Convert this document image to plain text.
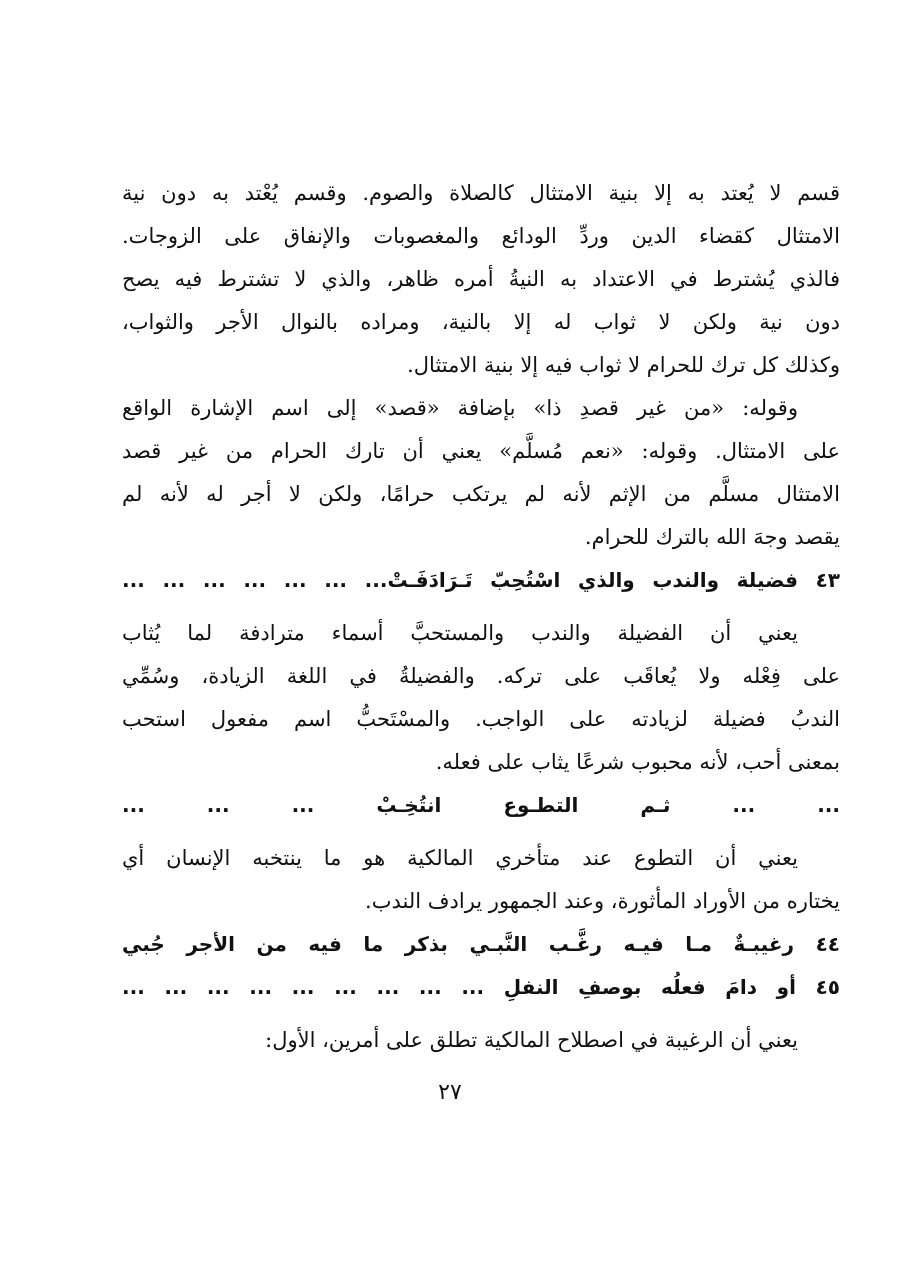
قسم لا يُعتد به إلا بنية الامتثال كالصلاة والصوم. وقسم يُعْتد به دون نية
الامتثال كقضاء الدين وردِّ الودائع والمغصوبات والإنفاق على الزوجات.
فالذي يُشترط في الاعتداد به النيةُ أمره ظاهر، والذي لا تشترط فيه يصح
دون نية ولكن لا ثواب له إلا بالنية، ومراده بالنوال الأجر والثواب،
وكذلك كل ترك للحرام لا ثواب فيه إلا بنية الامتثال.
وقوله: «من غير قصدِ ذا» بإضافة «قصد» إلى اسم الإشارة الواقع
على الامتثال. وقوله: «نعم مُسلَّم» يعني أن تارك الحرام من غير قصد
الامتثال مسلَّم من الإثم لأنه لم يرتكب حرامًا، ولكن لا أجر له لأنه لم
يقصد وجهَ الله بالترك للحرام.
٤٣ فضيلة والندب والذي اسْتُحِبّ تَـرَادَفَـتْ... ... ... ... ... ... ...
يعني أن الفضيلة والندب والمستحبَّ أسماء مترادفة لما يُثاب
على فِعْله ولا يُعاقَب على تركه. والفضيلةُ في اللغة الزيادة، وسُمِّي
الندبُ فضيلة لزيادته على الواجب. والمسْتَحبُّ اسم مفعول استحب
بمعنى أحب، لأنه محبوب شرعًا يثاب على فعله.
... ... ثـم التطـوع انتُخِـبْ ... ... ...
يعني أن التطوع عند متأخري المالكية هو ما ينتخبه الإنسان أي
يختاره من الأوراد المأثورة، وعند الجمهور يرادف الندب.
٤٤ رغيبـةٌ مـا فيـه رغَّـب النَّبـي بذكر ما فيه من الأجر جُبي
٤٥ أو دامَ فعلُه بوصفِ النفلِ ... ... ... ... ... ... ... ... ...
يعني أن الرغيبة في اصطلاح المالكية تطلق على أمرين، الأول:
٢٧
